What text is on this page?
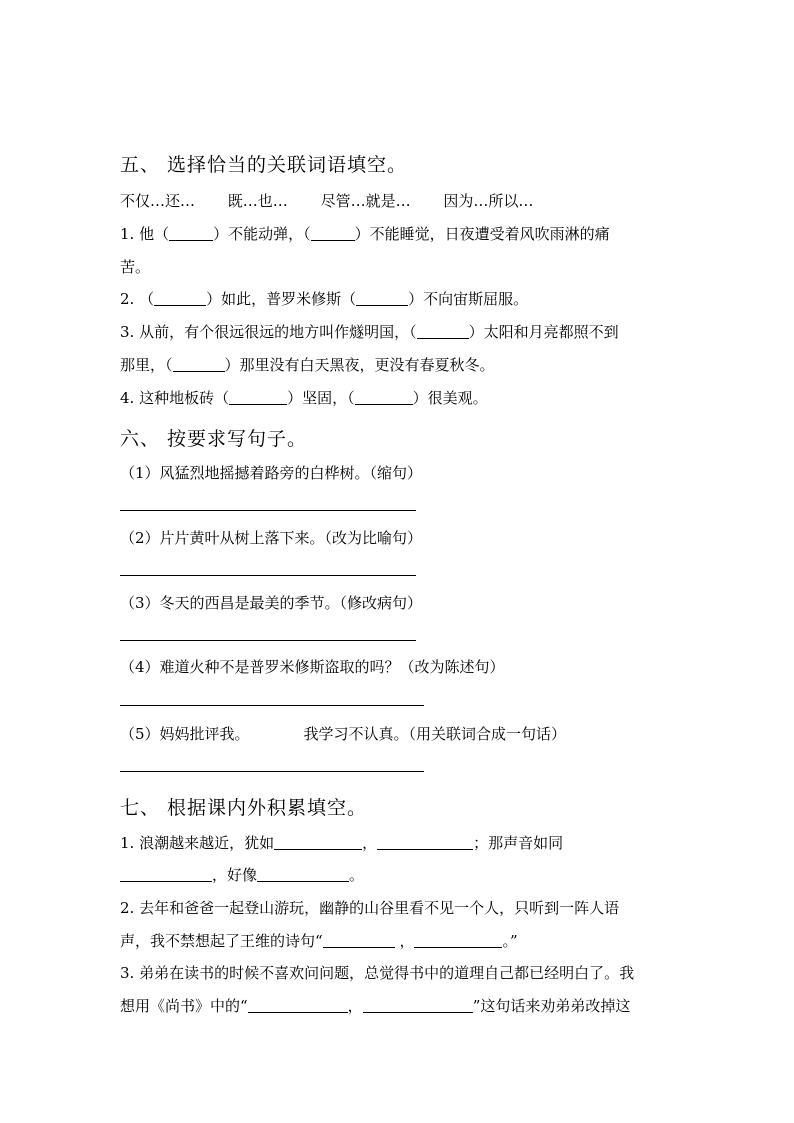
五、 选择恰当的关联词语填空。

不仅…还… 既…也… 尽管…就是… 因为…所以…

1. 他（	）不能动弹，（	）不能睡觉，日夜遭受着风吹雨淋的痛

苦。

2. （	）如此，普罗米修斯（	）不向宙斯屈服。

3. 从前，有个很远很远的地方叫作燧明国，（	）太阳和月亮都照不到

那里，（	）那里没有白天黑夜，更没有春夏秋冬。

4. 这种地板砖（	）坚固，（	）很美观。

六、 按要求写句子。

（1）风猛烈地摇撼着路旁的白桦树。（缩句）

（2）片片黄叶从树上落下来。（改为比喻句）

（3）冬天的西昌是最美的季节。（修改病句）

（4）难道火种不是普罗米修斯盗取的吗？（改为陈述句）

（5）妈妈批评我。	我学习不认真。（用关联词合成一句话）

七、 根据课内外积累填空。

1. 浪潮越来越近，犹如	，	；那声音如同

，好像	。

2. 去年和爸爸一起登山游玩，幽静的山谷里看不见一个人，只听到一阵人语

声，我不禁想起了王维的诗句“	，	。”

3. 弟弟在读书的时候不喜欢问问题，总觉得书中的道理自己都已经明白了。我

想用《尚书》中的“	，	”这句话来劝弟弟改掉这
